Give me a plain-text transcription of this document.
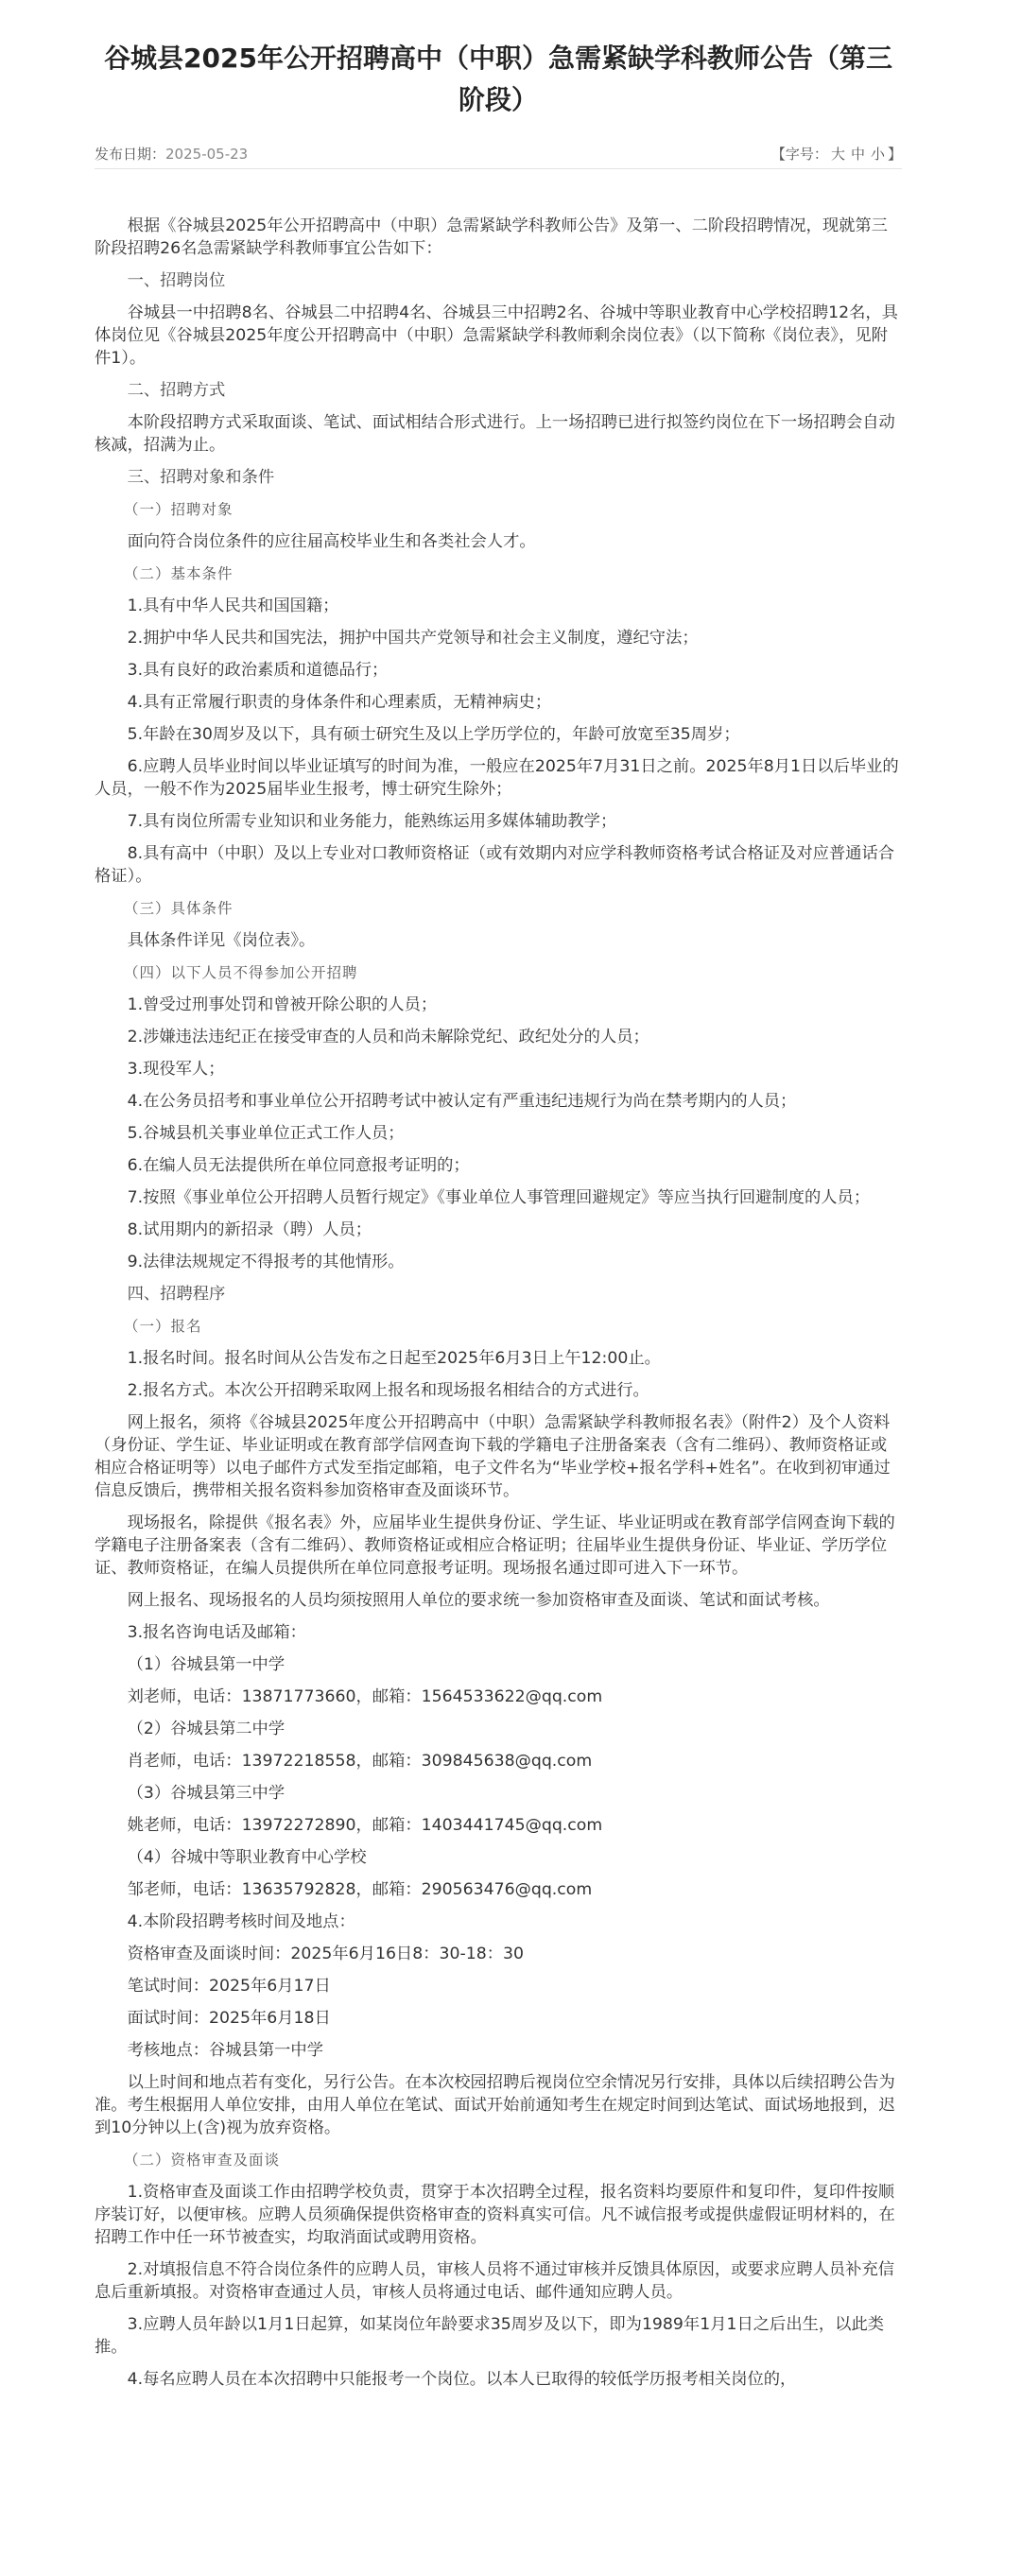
谷城县2025年公开招聘高中（中职）急需紧缺学科教师公告（第三阶段）
发布日期：2025-05-23	【字号： 大 中 小 】

根据《谷城县2025年公开招聘高中（中职）急需紧缺学科教师公告》及第一、二阶段招聘情况，现就第三阶段招聘26名急需紧缺学科教师事宜公告如下：

一、招聘岗位

谷城县一中招聘8名、谷城县二中招聘4名、谷城县三中招聘2名、谷城中等职业教育中心学校招聘12名，具体岗位见《谷城县2025年度公开招聘高中（中职）急需紧缺学科教师剩余岗位表》（以下简称《岗位表》，见附件1）。

二、招聘方式

本阶段招聘方式采取面谈、笔试、面试相结合形式进行。上一场招聘已进行拟签约岗位在下一场招聘会自动核减，招满为止。

三、招聘对象和条件

（一）招聘对象

面向符合岗位条件的应往届高校毕业生和各类社会人才。

（二）基本条件

1.具有中华人民共和国国籍；

2.拥护中华人民共和国宪法，拥护中国共产党领导和社会主义制度，遵纪守法；

3.具有良好的政治素质和道德品行；

4.具有正常履行职责的身体条件和心理素质，无精神病史；

5.年龄在30周岁及以下，具有硕士研究生及以上学历学位的，年龄可放宽至35周岁；

6.应聘人员毕业时间以毕业证填写的时间为准，一般应在2025年7月31日之前。2025年8月1日以后毕业的人员，一般不作为2025届毕业生报考，博士研究生除外；

7.具有岗位所需专业知识和业务能力，能熟练运用多媒体辅助教学；

8.具有高中（中职）及以上专业对口教师资格证（或有效期内对应学科教师资格考试合格证及对应普通话合格证）。

（三）具体条件

具体条件详见《岗位表》。

（四）以下人员不得参加公开招聘

1.曾受过刑事处罚和曾被开除公职的人员；

2.涉嫌违法违纪正在接受审查的人员和尚未解除党纪、政纪处分的人员；

3.现役军人；

4.在公务员招考和事业单位公开招聘考试中被认定有严重违纪违规行为尚在禁考期内的人员；

5.谷城县机关事业单位正式工作人员；

6.在编人员无法提供所在单位同意报考证明的；

7.按照《事业单位公开招聘人员暂行规定》《事业单位人事管理回避规定》等应当执行回避制度的人员；

8.试用期内的新招录（聘）人员；

9.法律法规规定不得报考的其他情形。

四、招聘程序

（一）报名

1.报名时间。报名时间从公告发布之日起至2025年6月3日上午12:00止。

2.报名方式。本次公开招聘采取网上报名和现场报名相结合的方式进行。

网上报名，须将《谷城县2025年度公开招聘高中（中职）急需紧缺学科教师报名表》（附件2）及个人资料（身份证、学生证、毕业证明或在教育部学信网查询下载的学籍电子注册备案表（含有二维码）、教师资格证或相应合格证明等）以电子邮件方式发至指定邮箱，电子文件名为“毕业学校+报名学科+姓名”。在收到初审通过信息反馈后，携带相关报名资料参加资格审查及面谈环节。

现场报名，除提供《报名表》外，应届毕业生提供身份证、学生证、毕业证明或在教育部学信网查询下载的学籍电子注册备案表（含有二维码）、教师资格证或相应合格证明；往届毕业生提供身份证、毕业证、学历学位证、教师资格证，在编人员提供所在单位同意报考证明。现场报名通过即可进入下一环节。

网上报名、现场报名的人员均须按照用人单位的要求统一参加资格审查及面谈、笔试和面试考核。

3.报名咨询电话及邮箱：

（1）谷城县第一中学

刘老师，电话：13871773660，邮箱：1564533622@qq.com

（2）谷城县第二中学

肖老师，电话：13972218558，邮箱：309845638@qq.com

（3）谷城县第三中学

姚老师，电话：13972272890，邮箱：1403441745@qq.com

（4）谷城中等职业教育中心学校

邹老师，电话：13635792828，邮箱：290563476@qq.com

4.本阶段招聘考核时间及地点：

资格审查及面谈时间：2025年6月16日8：30-18：30

笔试时间：2025年6月17日

面试时间：2025年6月18日

考核地点：谷城县第一中学

以上时间和地点若有变化，另行公告。在本次校园招聘后视岗位空余情况另行安排，具体以后续招聘公告为准。考生根据用人单位安排，由用人单位在笔试、面试开始前通知考生在规定时间到达笔试、面试场地报到，迟到10分钟以上(含)视为放弃资格。

（二）资格审查及面谈

1.资格审查及面谈工作由招聘学校负责，贯穿于本次招聘全过程，报名资料均要原件和复印件，复印件按顺序装订好，以便审核。应聘人员须确保提供资格审查的资料真实可信。凡不诚信报考或提供虚假证明材料的，在招聘工作中任一环节被查实，均取消面试或聘用资格。

2.对填报信息不符合岗位条件的应聘人员，审核人员将不通过审核并反馈具体原因，或要求应聘人员补充信息后重新填报。对资格审查通过人员，审核人员将通过电话、邮件通知应聘人员。

3.应聘人员年龄以1月1日起算，如某岗位年龄要求35周岁及以下，即为1989年1月1日之后出生，以此类推。

4.每名应聘人员在本次招聘中只能报考一个岗位。以本人已取得的较低学历报考相关岗位的，
